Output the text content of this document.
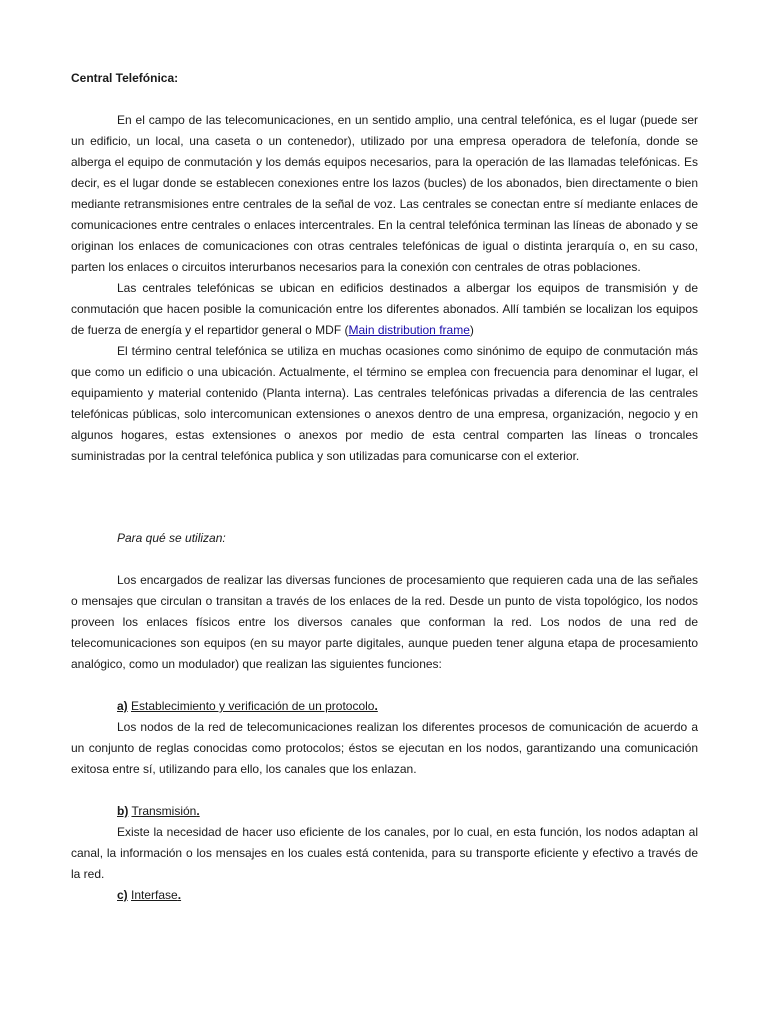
Central Telefónica:

En el campo de las telecomunicaciones, en un sentido amplio, una central telefónica, es el lugar (puede ser un edificio, un local, una caseta o un contenedor), utilizado por una empresa operadora de telefonía, donde se alberga el equipo de conmutación y los demás equipos necesarios, para la operación de las llamadas telefónicas. Es decir, es el lugar donde se establecen conexiones entre los lazos (bucles) de los abonados, bien directamente o bien mediante retransmisiones entre centrales de la señal de voz. Las centrales se conectan entre sí mediante enlaces de comunicaciones entre centrales o enlaces intercentrales. En la central telefónica terminan las líneas de abonado y se originan los enlaces de comunicaciones con otras centrales telefónicas de igual o distinta jerarquía o, en su caso, parten los enlaces o circuitos interurbanos necesarios para la conexión con centrales de otras poblaciones.

Las centrales telefónicas se ubican en edificios destinados a albergar los equipos de transmisión y de conmutación que hacen posible la comunicación entre los diferentes abonados. Allí también se localizan los equipos de fuerza de energía y el repartidor general o MDF (Main distribution frame)

El término central telefónica se utiliza en muchas ocasiones como sinónimo de equipo de conmutación más que como un edificio o una ubicación. Actualmente, el término se emplea con frecuencia para denominar el lugar, el equipamiento y material contenido (Planta interna). Las centrales telefónicas privadas a diferencia de las centrales telefónicas públicas, solo intercomunican extensiones o anexos dentro de una empresa, organización, negocio y en algunos hogares, estas extensiones o anexos por medio de esta central comparten las líneas o troncales suministradas por la central telefónica publica y son utilizadas para comunicarse con el exterior.

Para qué se utilizan:

Los encargados de realizar las diversas funciones de procesamiento que requieren cada una de las señales o mensajes que circulan o transitan a través de los enlaces de la red. Desde un punto de vista topológico, los nodos proveen los enlaces físicos entre los diversos canales que conforman la red. Los nodos de una red de telecomunicaciones son equipos (en su mayor parte digitales, aunque pueden tener alguna etapa de procesamiento analógico, como un modulador) que realizan las siguientes funciones:

a) Establecimiento y verificación de un protocolo.

Los nodos de la red de telecomunicaciones realizan los diferentes procesos de comunicación de acuerdo a un conjunto de reglas conocidas como protocolos; éstos se ejecutan en los nodos, garantizando una comunicación exitosa entre sí, utilizando para ello, los canales que los enlazan.

b) Transmisión.

Existe la necesidad de hacer uso eficiente de los canales, por lo cual, en esta función, los nodos adaptan al canal, la información o los mensajes en los cuales está contenida, para su transporte eficiente y efectivo a través de la red.

c) Interfase.
